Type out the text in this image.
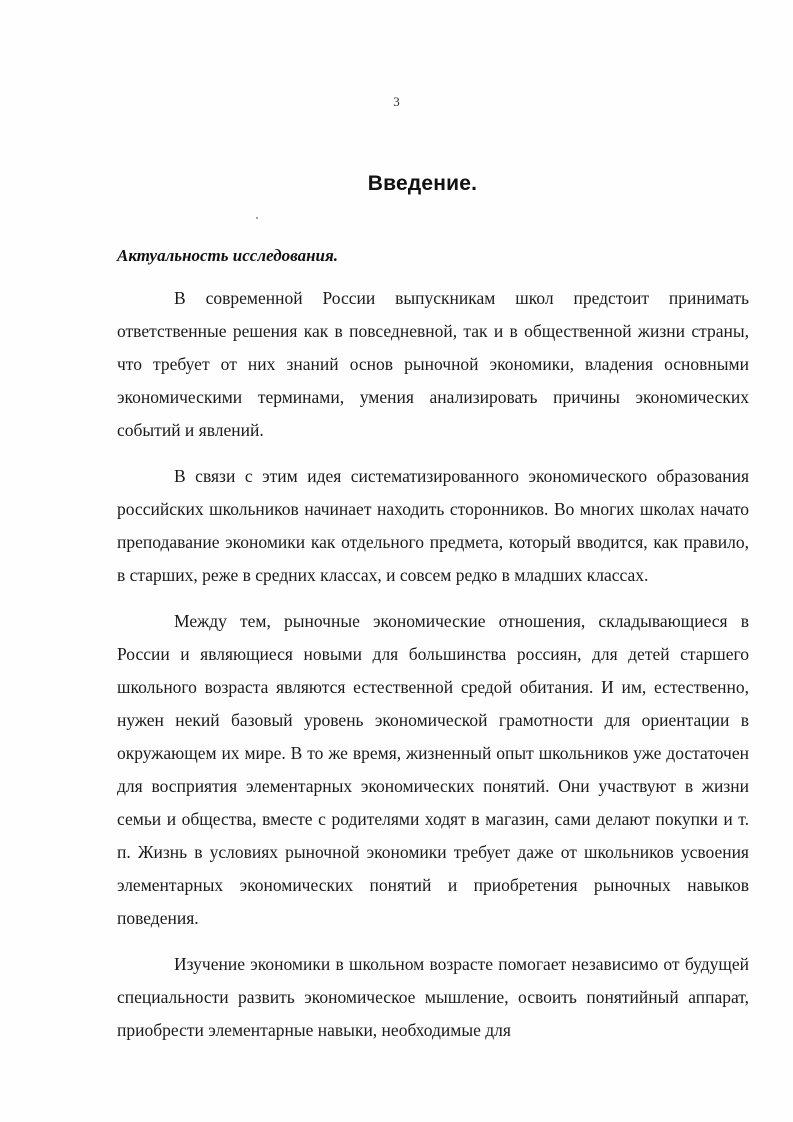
3
Введение.
Актуальность исследования.

В современной России выпускникам школ предстоит принимать ответственные решения как в повседневной, так и в общественной жизни страны, что требует от них знаний основ рыночной экономики, владения основными экономическими терминами, умения анализировать причины экономических событий и явлений.

В связи с этим идея систематизированного экономического образования российских школьников начинает находить сторонников. Во многих школах начато преподавание экономики как отдельного предмета, который вводится, как правило, в старших, реже в средних классах, и совсем редко в младших классах.

Между тем, рыночные экономические отношения, складывающиеся в России и являющиеся новыми для большинства россиян, для детей старшего школьного возраста являются естественной средой обитания. И им, естественно, нужен некий базовый уровень экономической грамотности для ориентации в окружающем их мире. В то же время, жизненный опыт школьников уже достаточен для восприятия элементарных экономических понятий. Они участвуют в жизни семьи и общества, вместе с родителями ходят в магазин, сами делают покупки и т. п. Жизнь в условиях рыночной экономики требует даже от школьников усвоения элементарных экономических понятий и приобретения рыночных навыков поведения.

Изучение экономики в школьном возрасте помогает независимо от будущей специальности развить экономическое мышление, освоить понятийный аппарат, приобрести элементарные навыки, необходимые для
